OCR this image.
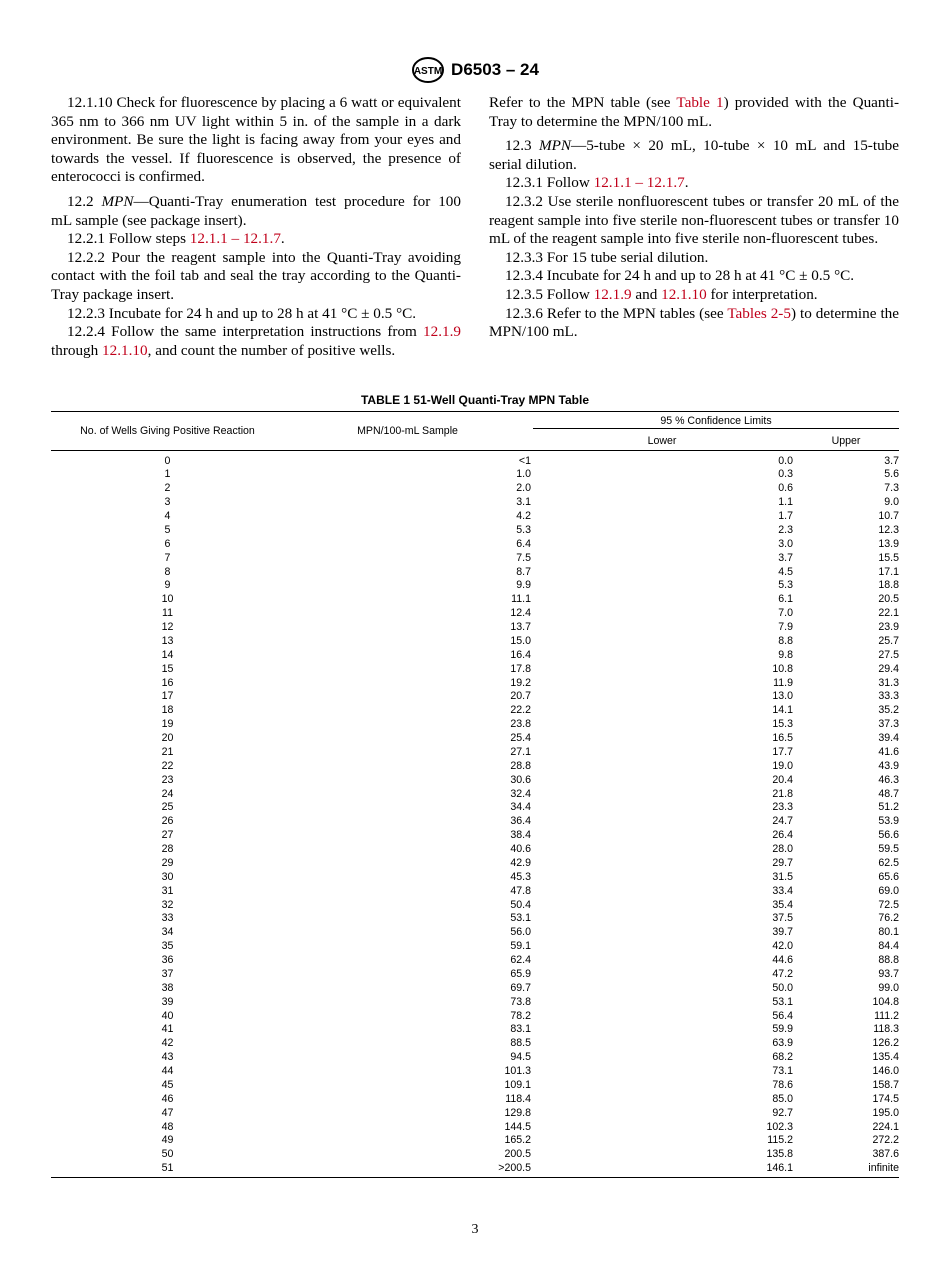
ASTM D6503 – 24

12.1.10 Check for fluorescence by placing a 6 watt or equivalent 365 nm to 366 nm UV light within 5 in. of the sample in a dark environment. Be sure the light is facing away from your eyes and towards the vessel. If fluorescence is observed, the presence of enterococci is confirmed.

12.2 MPN—Quanti-Tray enumeration test procedure for 100 mL sample (see package insert).

12.2.1 Follow steps 12.1.1 – 12.1.7.

12.2.2 Pour the reagent sample into the Quanti-Tray avoiding contact with the foil tab and seal the tray according to the Quanti-Tray package insert.

12.2.3 Incubate for 24 h and up to 28 h at 41 °C ± 0.5 °C.

12.2.4 Follow the same interpretation instructions from 12.1.9 through 12.1.10, and count the number of positive wells.

Refer to the MPN table (see Table 1) provided with the Quanti-Tray to determine the MPN/100 mL.

12.3 MPN—5-tube × 20 mL, 10-tube × 10 mL and 15-tube serial dilution.

12.3.1 Follow 12.1.1 – 12.1.7.

12.3.2 Use sterile nonfluorescent tubes or transfer 20 mL of the reagent sample into five sterile non-fluorescent tubes or transfer 10 mL of the reagent sample into five sterile non-fluorescent tubes.

12.3.3 For 15 tube serial dilution.

12.3.4 Incubate for 24 h and up to 28 h at 41 °C ± 0.5 °C.

12.3.5 Follow 12.1.9 and 12.1.10 for interpretation.

12.3.6 Refer to the MPN tables (see Tables 2-5) to determine the MPN/100 mL.

TABLE 1 51-Well Quanti-Tray MPN Table
No. of Wells Giving Positive Reaction	MPN/100-mL Sample	95 % Confidence Limits	

		Lower	Upper
0	<1	0.0	3.7
1	1.0	0.3	5.6
2	2.0	0.6	7.3
3	3.1	1.1	9.0
4	4.2	1.7	10.7
5	5.3	2.3	12.3
6	6.4	3.0	13.9
7	7.5	3.7	15.5
8	8.7	4.5	17.1
9	9.9	5.3	18.8
10	11.1	6.1	20.5
11	12.4	7.0	22.1
12	13.7	7.9	23.9
13	15.0	8.8	25.7
14	16.4	9.8	27.5
15	17.8	10.8	29.4
16	19.2	11.9	31.3
17	20.7	13.0	33.3
18	22.2	14.1	35.2
19	23.8	15.3	37.3
20	25.4	16.5	39.4
21	27.1	17.7	41.6
22	28.8	19.0	43.9
23	30.6	20.4	46.3
24	32.4	21.8	48.7
25	34.4	23.3	51.2
26	36.4	24.7	53.9
27	38.4	26.4	56.6
28	40.6	28.0	59.5
29	42.9	29.7	62.5
30	45.3	31.5	65.6
31	47.8	33.4	69.0
32	50.4	35.4	72.5
33	53.1	37.5	76.2
34	56.0	39.7	80.1
35	59.1	42.0	84.4
36	62.4	44.6	88.8
37	65.9	47.2	93.7
38	69.7	50.0	99.0
39	73.8	53.1	104.8
40	78.2	56.4	111.2
41	83.1	59.9	118.3
42	88.5	63.9	126.2
43	94.5	68.2	135.4
44	101.3	73.1	146.0
45	109.1	78.6	158.7
46	118.4	85.0	174.5
47	129.8	92.7	195.0
48	144.5	102.3	224.1
49	165.2	115.2	272.2
50	200.5	135.8	387.6
51	>200.5	146.1	infinite
3
